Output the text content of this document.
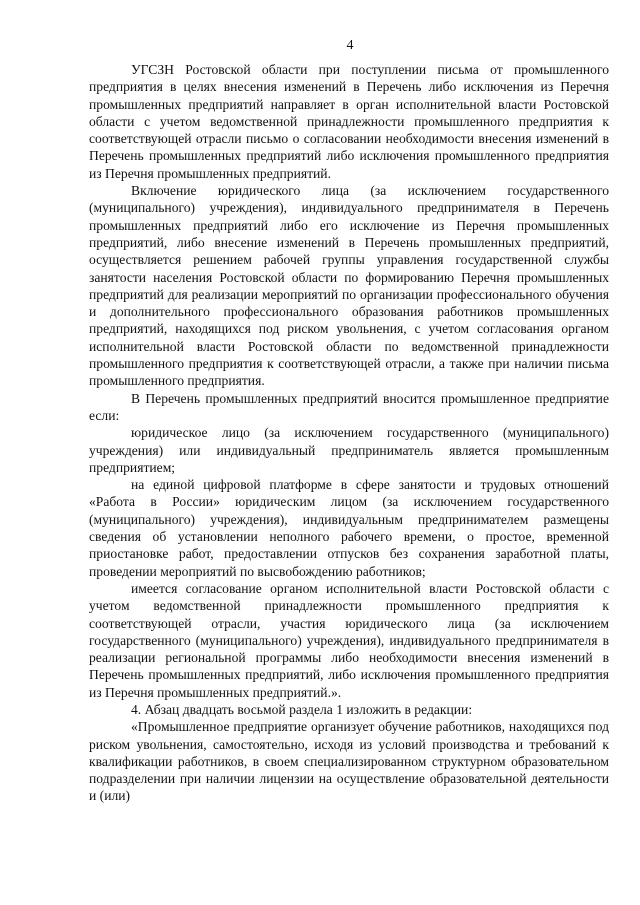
4

УГСЗН Ростовской области при поступлении письма от промышленного предприятия в целях внесения изменений в Перечень либо исключения из Перечня промышленных предприятий направляет в орган исполнительной власти Ростовской области с учетом ведомственной принадлежности промышленного предприятия к соответствующей отрасли письмо о согласовании необходимости внесения изменений в Перечень промышленных предприятий либо исключения промышленного предприятия из Перечня промышленных предприятий.

Включение юридического лица (за исключением государственного (муниципального) учреждения), индивидуального предпринимателя в Перечень промышленных предприятий либо его исключение из Перечня промышленных предприятий, либо внесение изменений в Перечень промышленных предприятий, осуществляется решением рабочей группы управления государственной службы занятости населения Ростовской области по формированию Перечня промышленных предприятий для реализации мероприятий по организации профессионального обучения и дополнительного профессионального образования работников промышленных предприятий, находящихся под риском увольнения, с учетом согласования органом исполнительной власти Ростовской области по ведомственной принадлежности промышленного предприятия к соответствующей отрасли, а также при наличии письма промышленного предприятия.

В Перечень промышленных предприятий вносится промышленное предприятие если:

юридическое лицо (за исключением государственного (муниципального) учреждения) или индивидуальный предприниматель является промышленным предприятием;

на единой цифровой платформе в сфере занятости и трудовых отношений «Работа в России» юридическим лицом (за исключением государственного (муниципального) учреждения), индивидуальным предпринимателем размещены сведения об установлении неполного рабочего времени, о простое, временной приостановке работ, предоставлении отпусков без сохранения заработной платы, проведении мероприятий по высвобождению работников;

имеется согласование органом исполнительной власти Ростовской области с учетом ведомственной принадлежности промышленного предприятия к соответствующей отрасли, участия юридического лица (за исключением государственного (муниципального) учреждения), индивидуального предпринимателя в реализации региональной программы либо необходимости внесения изменений в Перечень промышленных предприятий, либо исключения промышленного предприятия из Перечня промышленных предприятий.».

4. Абзац двадцать восьмой раздела 1 изложить в редакции:

«Промышленное предприятие организует обучение работников, находящихся под риском увольнения, самостоятельно, исходя из условий производства и требований к квалификации работников, в своем специализированном структурном образовательном подразделении при наличии лицензии на осуществление образовательной деятельности и (или)
